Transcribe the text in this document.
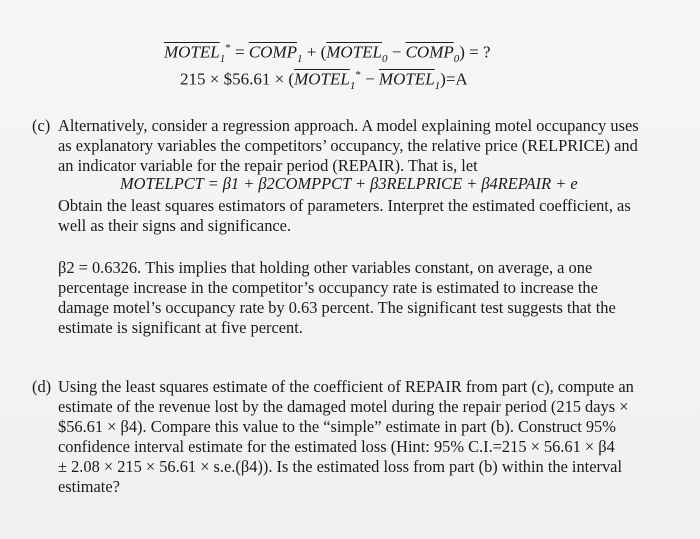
$MOTEL_1^*$ = $COMP_1$ + ($MOTEL_0$ − $COMP_0$) = ?
215 × $56.61 × ($MOTEL_1^*$ − $MOTEL_1)=A$
(c) Alternatively, consider a regression approach. A model explaining motel occupancy uses
as explanatory variables the competitors’ occupancy, the relative price (RELPRICE) and
an indicator variable for the repair period (REPAIR). That is, let
MOTELPCT = β1 + β2COMPPCT + β3RELPRICE + β4REPAIR + e
Obtain the least squares estimators of parameters. Interpret the estimated coefficient, as
well as their signs and significance.
β2 = 0.6326. This implies that holding other variables constant, on average, a one
percentage increase in the competitor’s occupancy rate is estimated to increase the
damage motel’s occupancy rate by 0.63 percent. The significant test suggests that the
estimate is significant at five percent.
(d) Using the least squares estimate of the coefficient of REPAIR from part (c), compute an
estimate of the revenue lost by the damaged motel during the repair period (215 days ×
$56.61 × β4). Compare this value to the “simple” estimate in part (b). Construct 95%
confidence interval estimate for the estimated loss (Hint: 95% C.I.=215 × 56.61 × β4
± 2.08 × 215 × 56.61 × s.e.(β4)). Is the estimated loss from part (b) within the interval
estimate?
